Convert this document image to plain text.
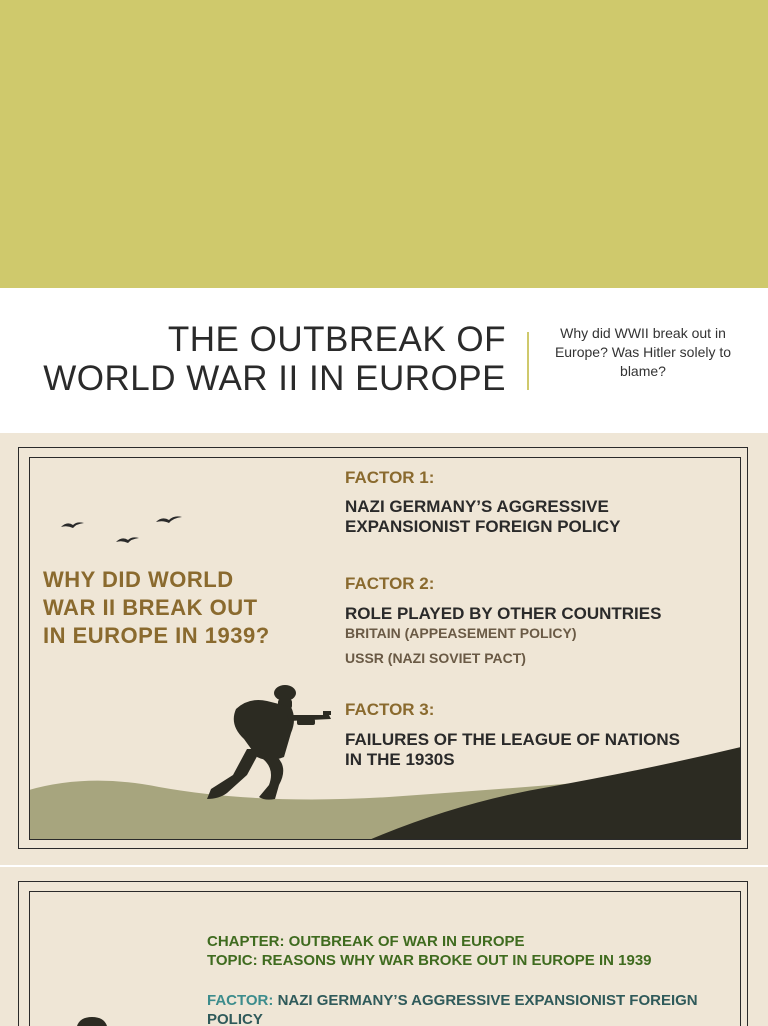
THE OUTBREAK OF
WORLD WAR II IN EUROPE

Why did WWII break out in Europe? Was Hitler solely to blame?

WHY DID WORLD
WAR II BREAK OUT
IN EUROPE IN 1939?

FACTOR 1:

NAZI GERMANY’S AGGRESSIVE
EXPANSIONIST FOREIGN POLICY

FACTOR 2:

ROLE PLAYED BY OTHER COUNTRIES

BRITAIN (APPEASEMENT POLICY)

USSR (NAZI SOVIET PACT)

FACTOR 3:

FAILURES OF THE LEAGUE OF NATIONS
IN THE 1930S

CHAPTER: OUTBREAK OF WAR IN EUROPE

TOPIC: REASONS WHY WAR BROKE OUT IN EUROPE IN 1939

FACTOR: NAZI GERMANY’S AGGRESSIVE EXPANSIONIST FOREIGN POLICY
